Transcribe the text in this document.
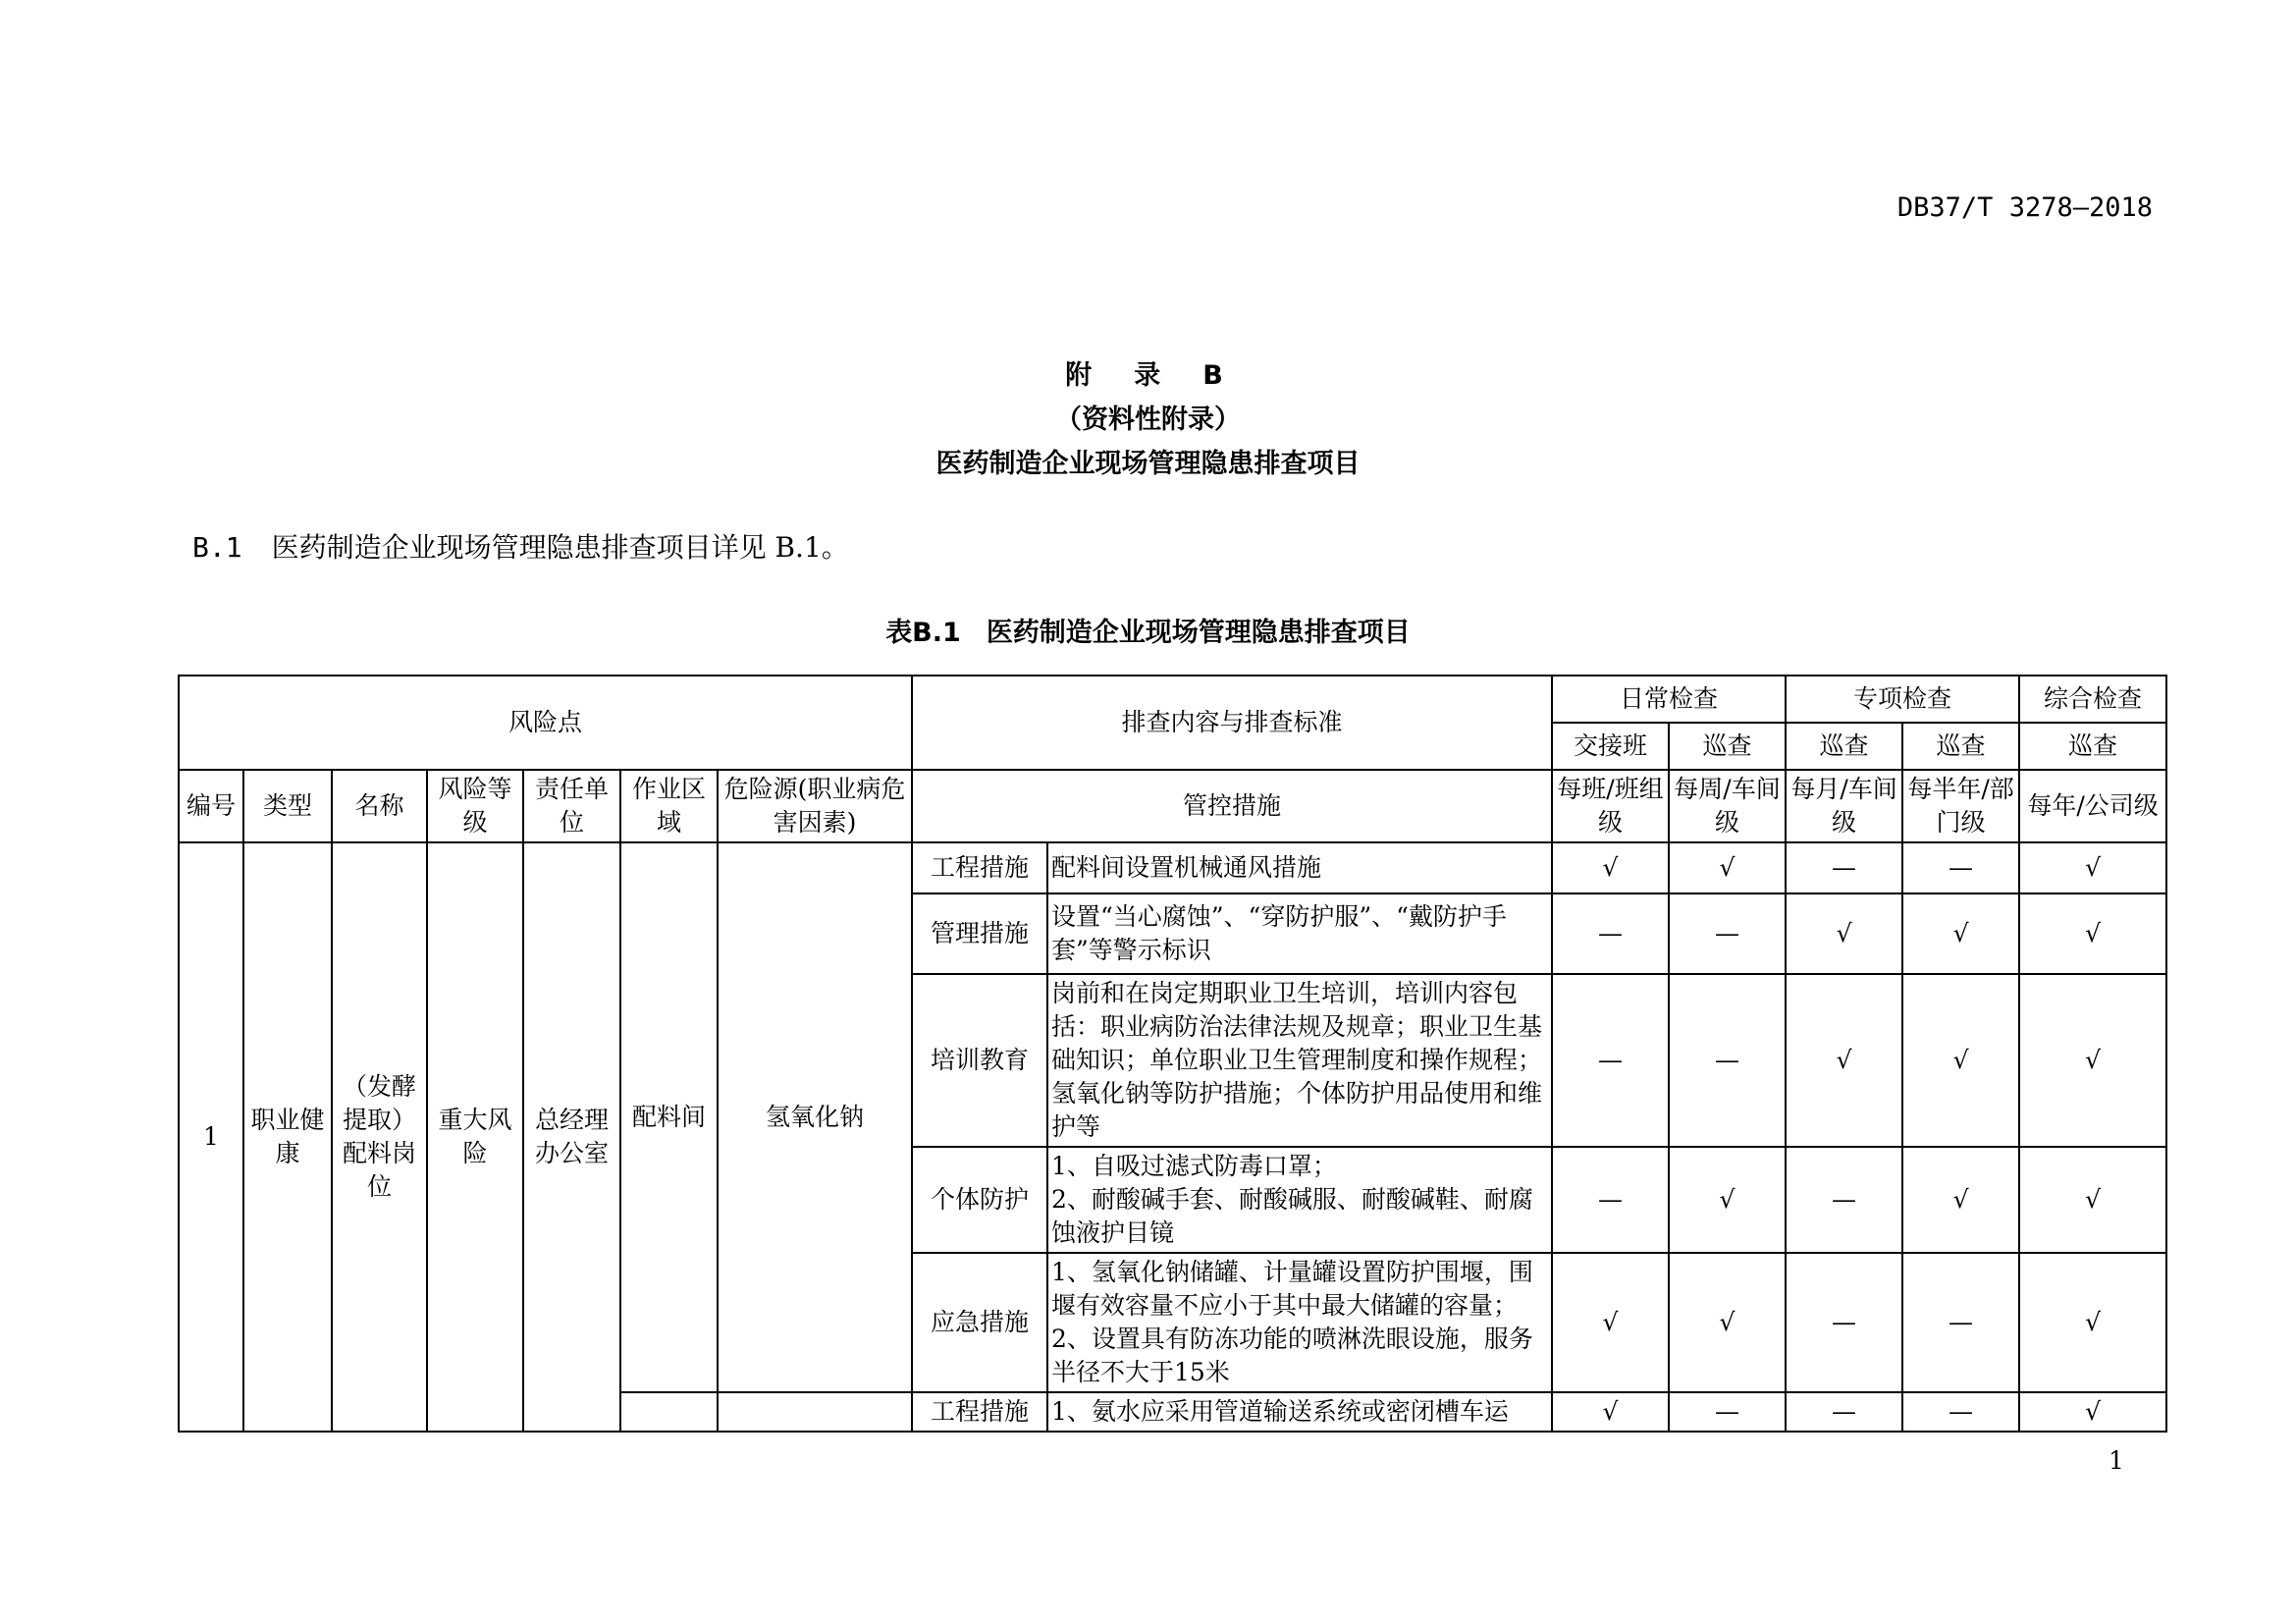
DB37/T 3278—2018
附　录　B
（资料性附录）
医药制造企业现场管理隐患排查项目
B.1 医药制造企业现场管理隐患排查项目详见 B.1。
表B.1 医药制造企业现场管理隐患排查项目
风险点							排查内容与排查标准		日常检查		专项检查		综合检查
									交接班	巡查	巡查	巡查	巡查
编号	类型	名称	风险等级	责任单位	作业区域	危险源(职业病危害因素)	管控措施		每班/班组级	每周/车间级	每月/车间级	每半年/部门级	每年/公司级
1	职业健康	（发酵提取）配料岗位	重大风险	总经理办公室	配料间	氢氧化钠	工程措施	配料间设置机械通风措施	√	√	—	—	√
							管理措施	设置“当心腐蚀”、“穿防护服”、“戴防护手套”等警示标识	—	—	√	√	√
							培训教育	岗前和在岗定期职业卫生培训，培训内容包括：职业病防治法律法规及规章；职业卫生基础知识；单位职业卫生管理制度和操作规程；氢氧化钠等防护措施；个体防护用品使用和维护等	—	—	√	√	√
							个体防护	1、自吸过滤式防毒口罩；
2、耐酸碱手套、耐酸碱服、耐酸碱鞋、耐腐蚀液护目镜	—	√	—	√	√
							应急措施	1、氢氧化钠储罐、计量罐设置防护围堰，围堰有效容量不应小于其中最大储罐的容量；
2、设置具有防冻功能的喷淋洗眼设施，服务半径不大于15米	√	√	—	—	√
							工程措施	1、氨水应采用管道输送系统或密闭槽车运	√	—	—	—	√
1
